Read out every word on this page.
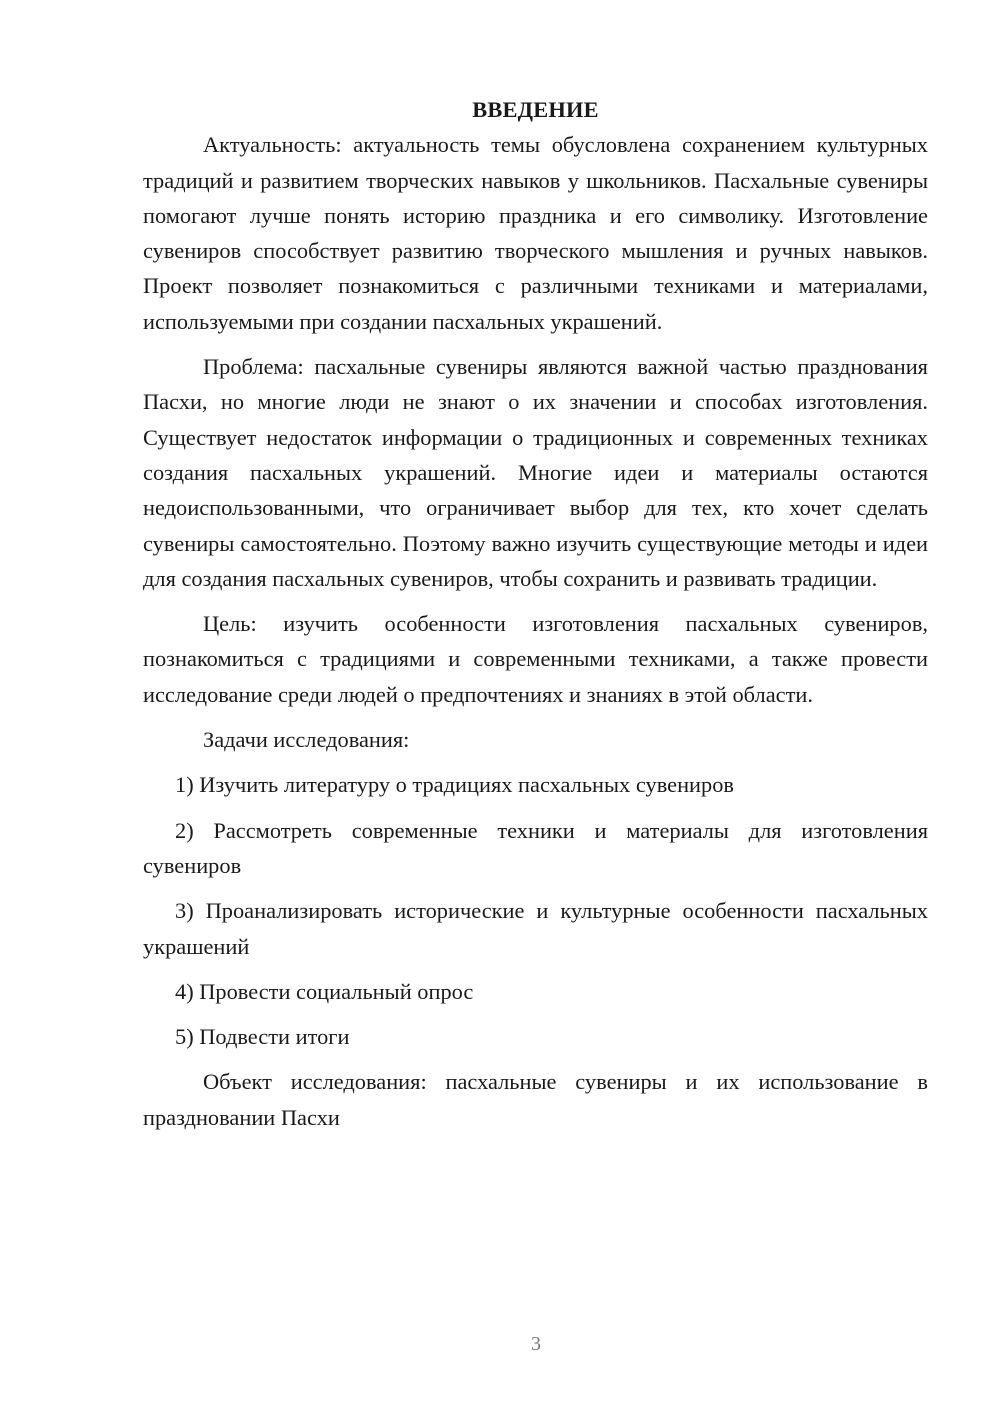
ВВЕДЕНИЕ

Актуальность: актуальность темы обусловлена сохранением культурных традиций и развитием творческих навыков у школьников. Пасхальные сувениры помогают лучше понять историю праздника и его символику. Изготовление сувениров способствует развитию творческого мышления и ручных навыков. Проект позволяет познакомиться с различными техниками и материалами, используемыми при создании пасхальных украшений.

Проблема: пасхальные сувениры являются важной частью празднования Пасхи, но многие люди не знают о их значении и способах изготовления. Существует недостаток информации о традиционных и современных техниках создания пасхальных украшений. Многие идеи и материалы остаются недоиспользованными, что ограничивает выбор для тех, кто хочет сделать сувениры самостоятельно. Поэтому важно изучить существующие методы и идеи для создания пасхальных сувениров, чтобы сохранить и развивать традиции.

Цель: изучить особенности изготовления пасхальных сувениров, познакомиться с традициями и современными техниками, а также провести исследование среди людей о предпочтениях и знаниях в этой области.

Задачи исследования:

1) Изучить литературу о традициях пасхальных сувениров

2) Рассмотреть современные техники и материалы для изготовления сувениров

3) Проанализировать исторические и культурные особенности пасхальных украшений

4) Провести социальный опрос

5) Подвести итоги

Объект исследования: пасхальные сувениры и их использование в праздновании Пасхи

3
